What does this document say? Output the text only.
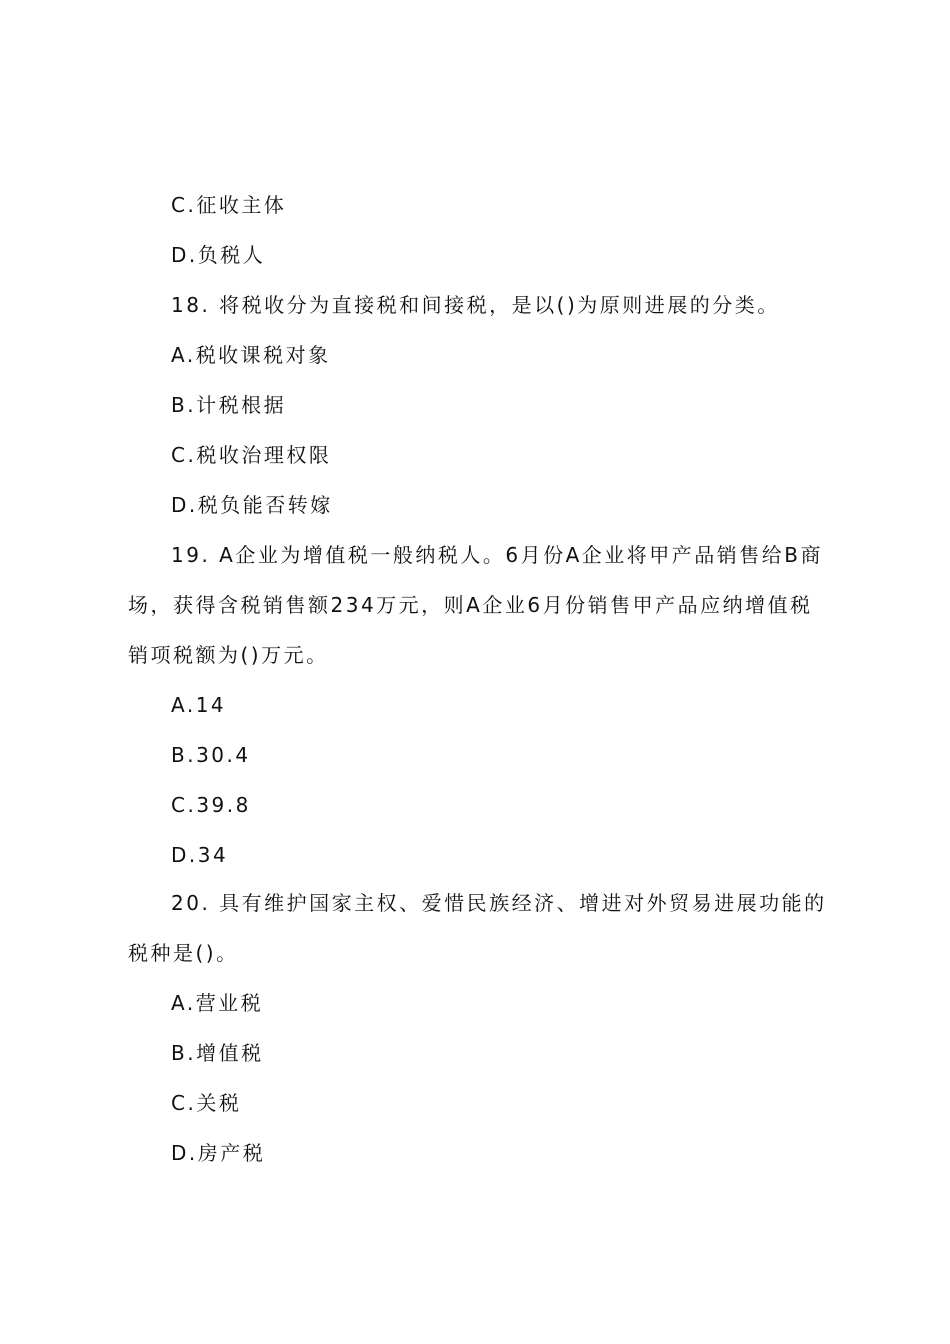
C.征收主体
D.负税人
18. 将税收分为直接税和间接税，是以()为原则进展的分类。
A.税收课税对象
B.计税根据
C.税收治理权限
D.税负能否转嫁
19. A企业为增值税一般纳税人。6月份A企业将甲产品销售给B商
场，获得含税销售额234万元，则A企业6月份销售甲产品应纳增值税
销项税额为()万元。
A.14
B.30.4
C.39.8
D.34
20. 具有维护国家主权、爱惜民族经济、增进对外贸易进展功能的
税种是()。
A.营业税
B.增值税
C.关税
D.房产税
